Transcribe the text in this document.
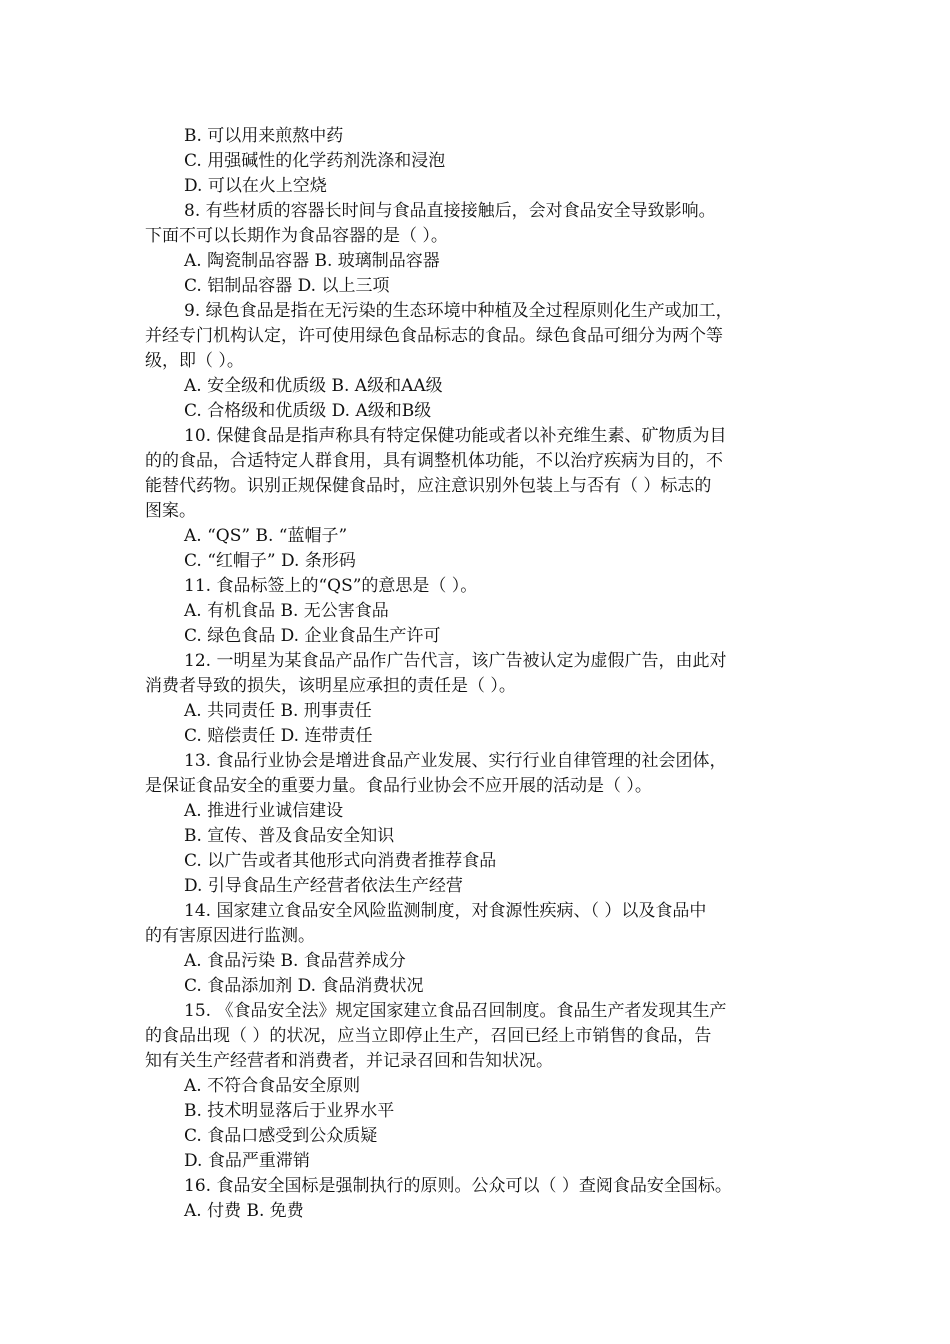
B. 可以用来煎熬中药
C. 用强碱性的化学药剂洗涤和浸泡
D. 可以在火上空烧
8. 有些材质的容器长时间与食品直接接触后，会对食品安全导致影响。
下面不可以长期作为食品容器的是（ ）。
A. 陶瓷制品容器 B. 玻璃制品容器
C. 铝制品容器 D. 以上三项
9. 绿色食品是指在无污染的生态环境中种植及全过程原则化生产或加工，
并经专门机构认定，许可使用绿色食品标志的食品。绿色食品可细分为两个等
级，即（ ）。
A. 安全级和优质级 B. A级和AA级
C. 合格级和优质级 D. A级和B级
10. 保健食品是指声称具有特定保健功能或者以补充维生素、矿物质为目
的的食品，合适特定人群食用，具有调整机体功能，不以治疗疾病为目的，不
能替代药物。识别正规保健食品时，应注意识别外包装上与否有（ ）标志的
图案。
A. “QS” B. “蓝帽子”
C. “红帽子” D. 条形码
11. 食品标签上的“QS”的意思是（ ）。
A. 有机食品 B. 无公害食品
C. 绿色食品 D. 企业食品生产许可
12. 一明星为某食品产品作广告代言，该广告被认定为虚假广告，由此对
消费者导致的损失，该明星应承担的责任是（ ）。
A. 共同责任 B. 刑事责任
C. 赔偿责任 D. 连带责任
13. 食品行业协会是增进食品产业发展、实行行业自律管理的社会团体，
是保证食品安全的重要力量。食品行业协会不应开展的活动是（ ）。
A. 推进行业诚信建设
B. 宣传、普及食品安全知识
C. 以广告或者其他形式向消费者推荐食品
D. 引导食品生产经营者依法生产经营
14. 国家建立食品安全风险监测制度，对食源性疾病、（ ）以及食品中
的有害原因进行监测。
A. 食品污染 B. 食品营养成分
C. 食品添加剂 D. 食品消费状况
15. 《食品安全法》规定国家建立食品召回制度。食品生产者发现其生产
的食品出现（ ）的状况，应当立即停止生产，召回已经上市销售的食品，告
知有关生产经营者和消费者，并记录召回和告知状况。
A. 不符合食品安全原则
B. 技术明显落后于业界水平
C. 食品口感受到公众质疑
D. 食品严重滞销
16. 食品安全国标是强制执行的原则。公众可以（ ）查阅食品安全国标。
A. 付费 B. 免费
